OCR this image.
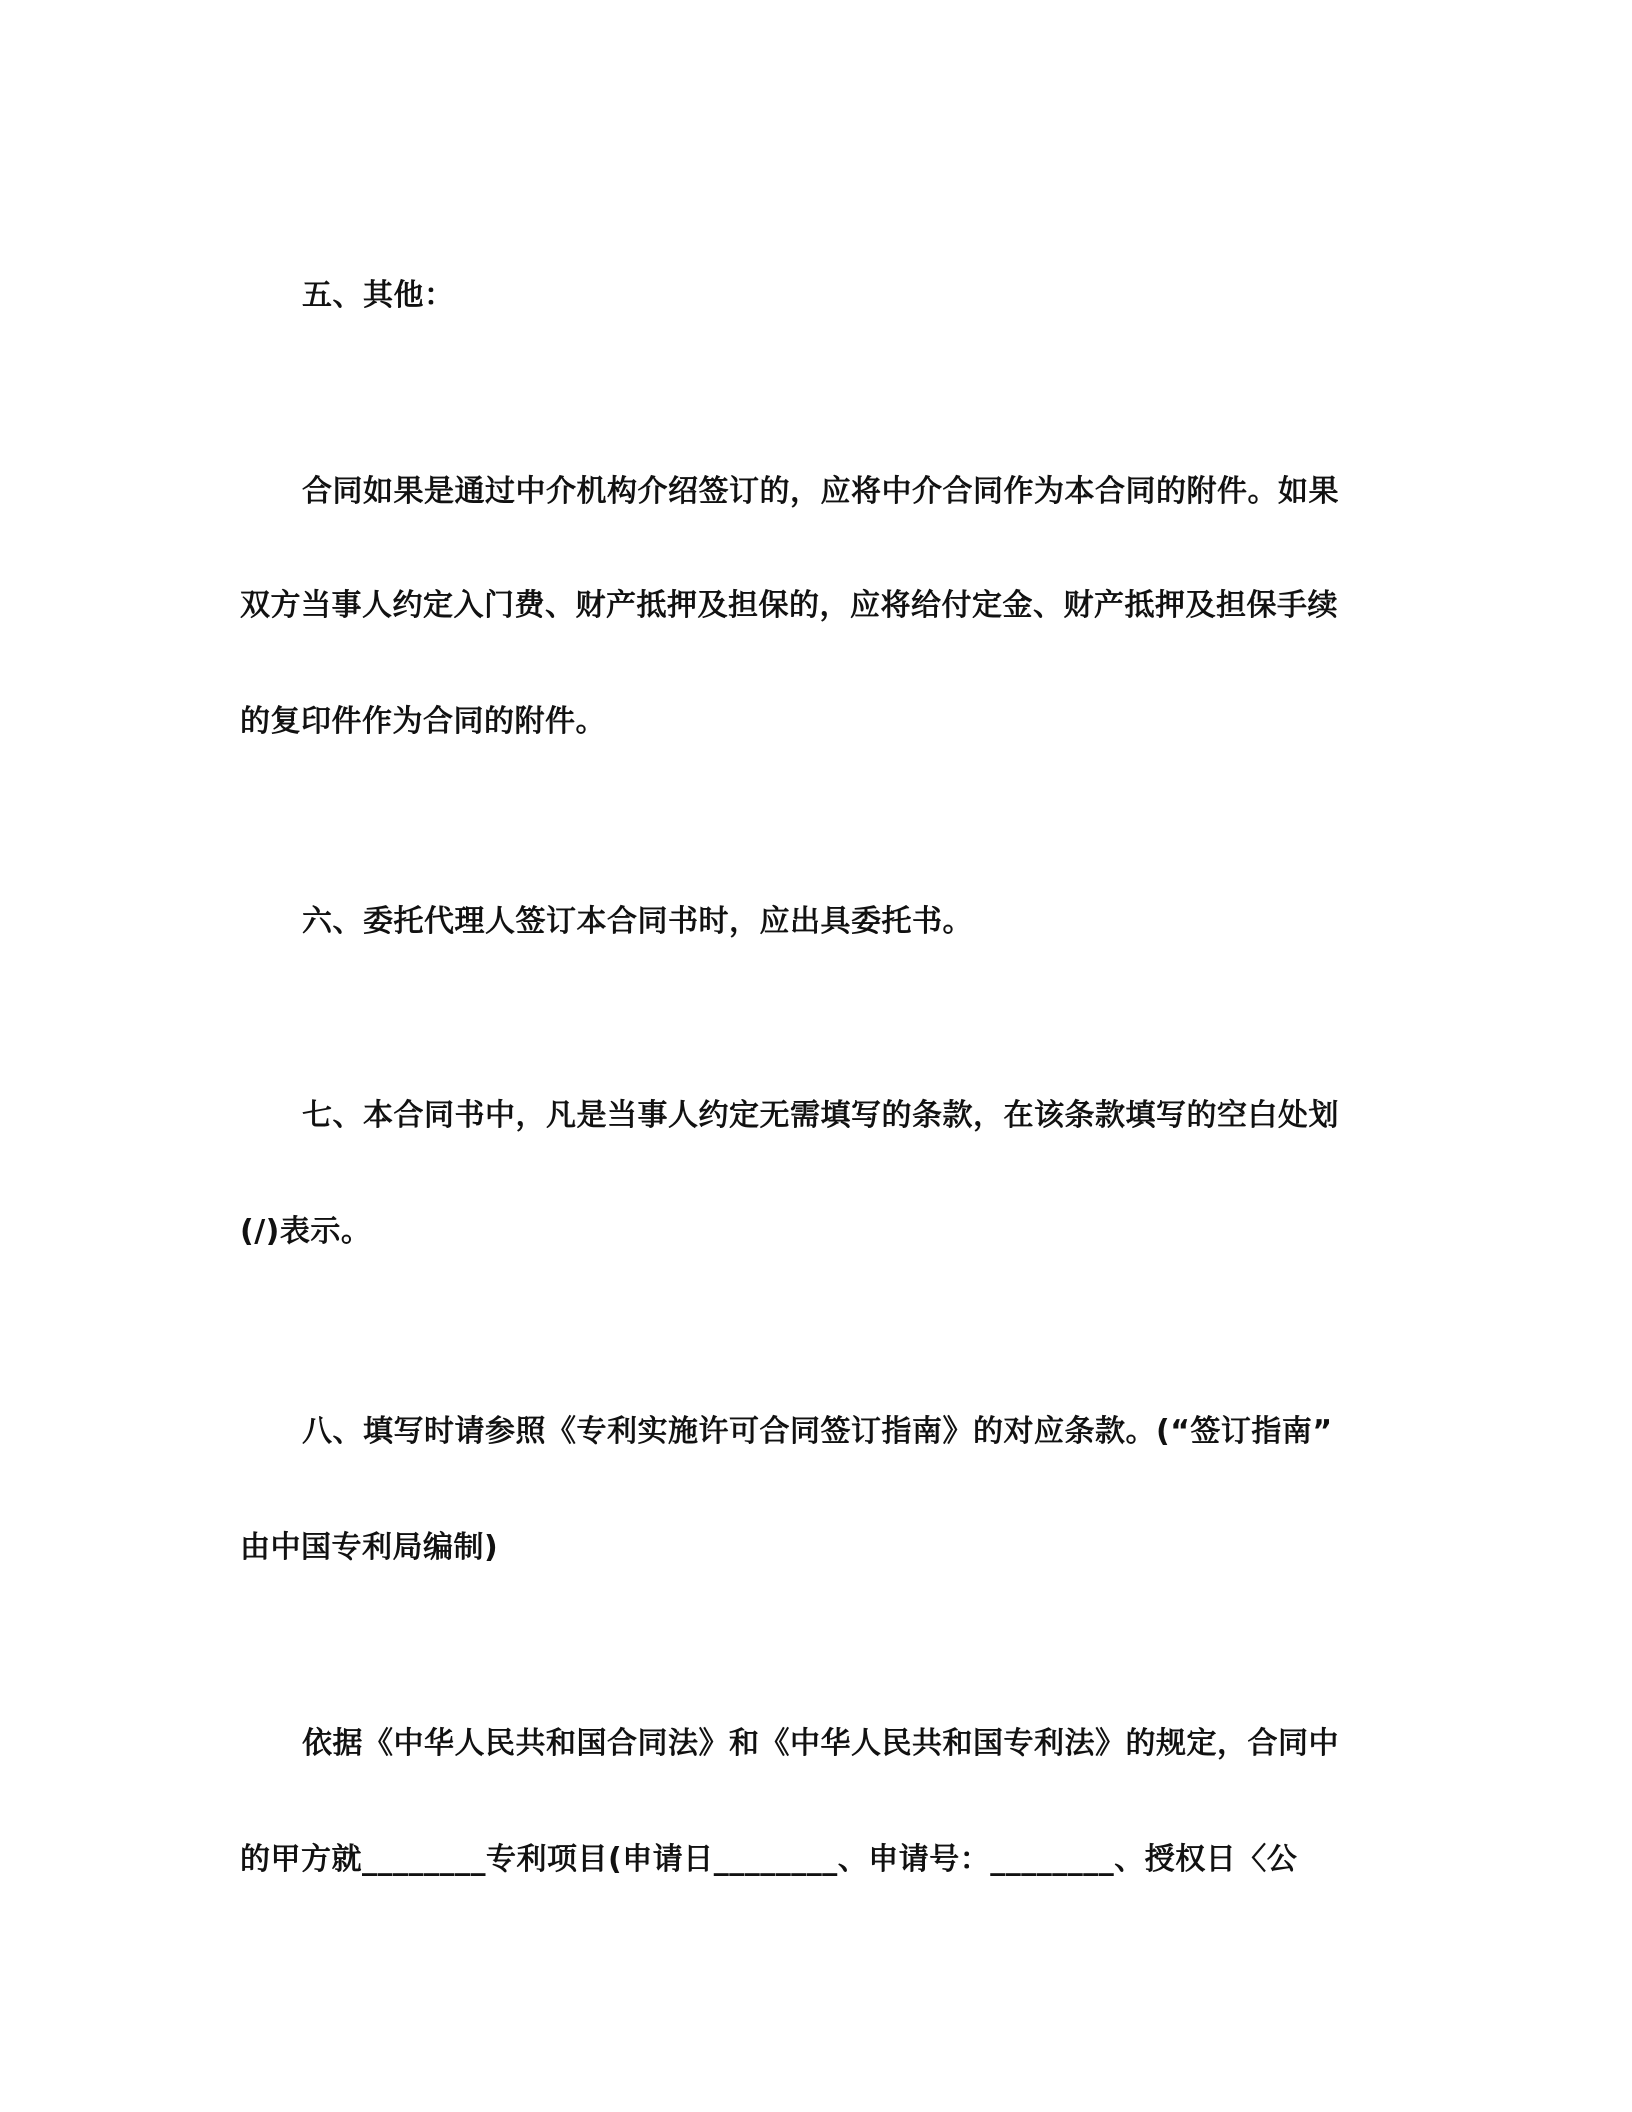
五、其他：
合同如果是通过中介机构介绍签订的，应将中介合同作为本合同的附件。如果
双方当事人约定入门费、财产抵押及担保的，应将给付定金、财产抵押及担保手续
的复印件作为合同的附件。
六、委托代理人签订本合同书时，应出具委托书。
七、本合同书中，凡是当事人约定无需填写的条款，在该条款填写的空白处划
(/)表示。
八、填写时请参照《专利实施许可合同签订指南》的对应条款。(“签订指南”
由中国专利局编制)
依据《中华人民共和国合同法》和《中华人民共和国专利法》的规定，合同中
的甲方就________专利项目(申请日________、申请号：________、授权日〈公
